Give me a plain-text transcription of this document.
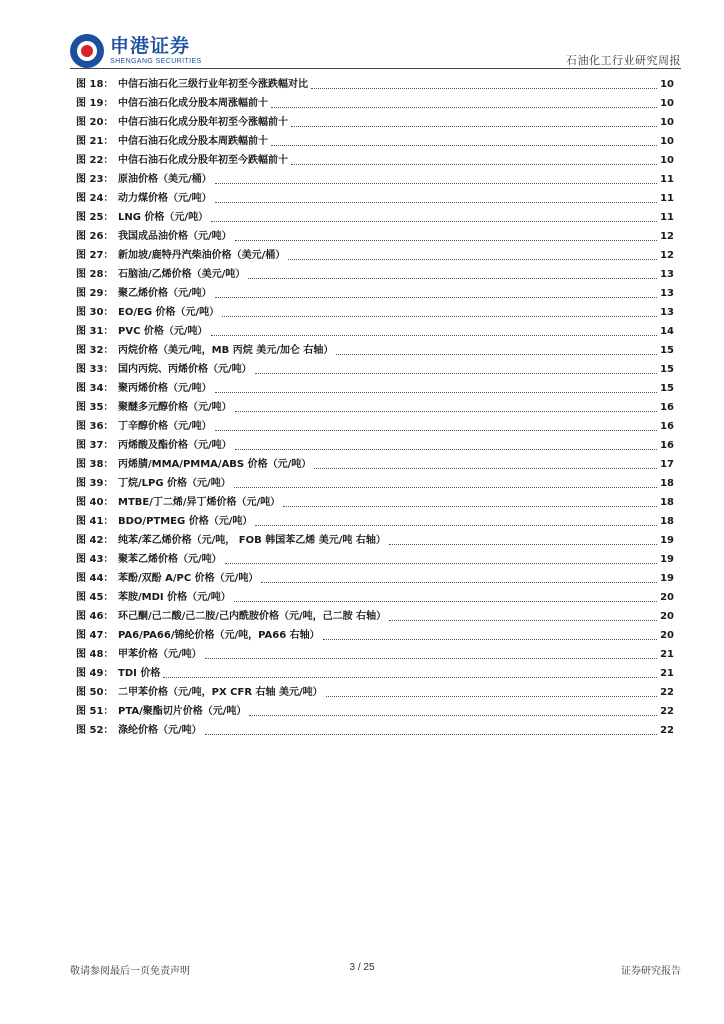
申港证券
SHENGANG SECURITIES	石油化工行业研究周报
图 18： 中信石油石化三级行业年初至今涨跌幅对比	10
图 19： 中信石油石化成分股本周涨幅前十	10
图 20： 中信石油石化成分股年初至今涨幅前十	10
图 21： 中信石油石化成分股本周跌幅前十	10
图 22： 中信石油石化成分股年初至今跌幅前十	10
图 23： 原油价格（美元/桶）	11
图 24： 动力煤价格（元/吨）	11
图 25： LNG 价格（元/吨）	11
图 26： 我国成品油价格（元/吨）	12
图 27： 新加坡/鹿特丹汽柴油价格（美元/桶）	12
图 28： 石脑油/乙烯价格（美元/吨）	13
图 29： 聚乙烯价格（元/吨）	13
图 30： EO/EG 价格（元/吨）	13
图 31： PVC 价格（元/吨）	14
图 32： 丙烷价格（美元/吨，MB 丙烷 美元/加仑 右轴）	15
图 33： 国内丙烷、丙烯价格（元/吨）	15
图 34： 聚丙烯价格（元/吨）	15
图 35： 聚醚多元醇价格（元/吨）	16
图 36： 丁辛醇价格（元/吨）	16
图 37： 丙烯酸及酯价格（元/吨）	16
图 38： 丙烯腈/MMA/PMMA/ABS 价格（元/吨）	17
图 39： 丁烷/LPG 价格（元/吨）	18
图 40： MTBE/丁二烯/异丁烯价格（元/吨）	18
图 41： BDO/PTMEG 价格（元/吨）	18
图 42： 纯苯/苯乙烯价格（元/吨， FOB 韩国苯乙烯 美元/吨 右轴）	19
图 43： 聚苯乙烯价格（元/吨）	19
图 44： 苯酚/双酚 A/PC 价格（元/吨）	19
图 45： 苯胺/MDI 价格（元/吨）	20
图 46： 环己酮/己二酸/己二胺/己内酰胺价格（元/吨，己二胺 右轴）	20
图 47： PA6/PA66/锦纶价格（元/吨，PA66 右轴）	20
图 48： 甲苯价格（元/吨）	21
图 49： TDI 价格	21
图 50： 二甲苯价格（元/吨，PX CFR 右轴 美元/吨）	22
图 51： PTA/聚酯切片价格（元/吨）	22
图 52： 涤纶价格（元/吨）	22
敬请参阅最后一页免责声明	3 / 25	证券研究报告
